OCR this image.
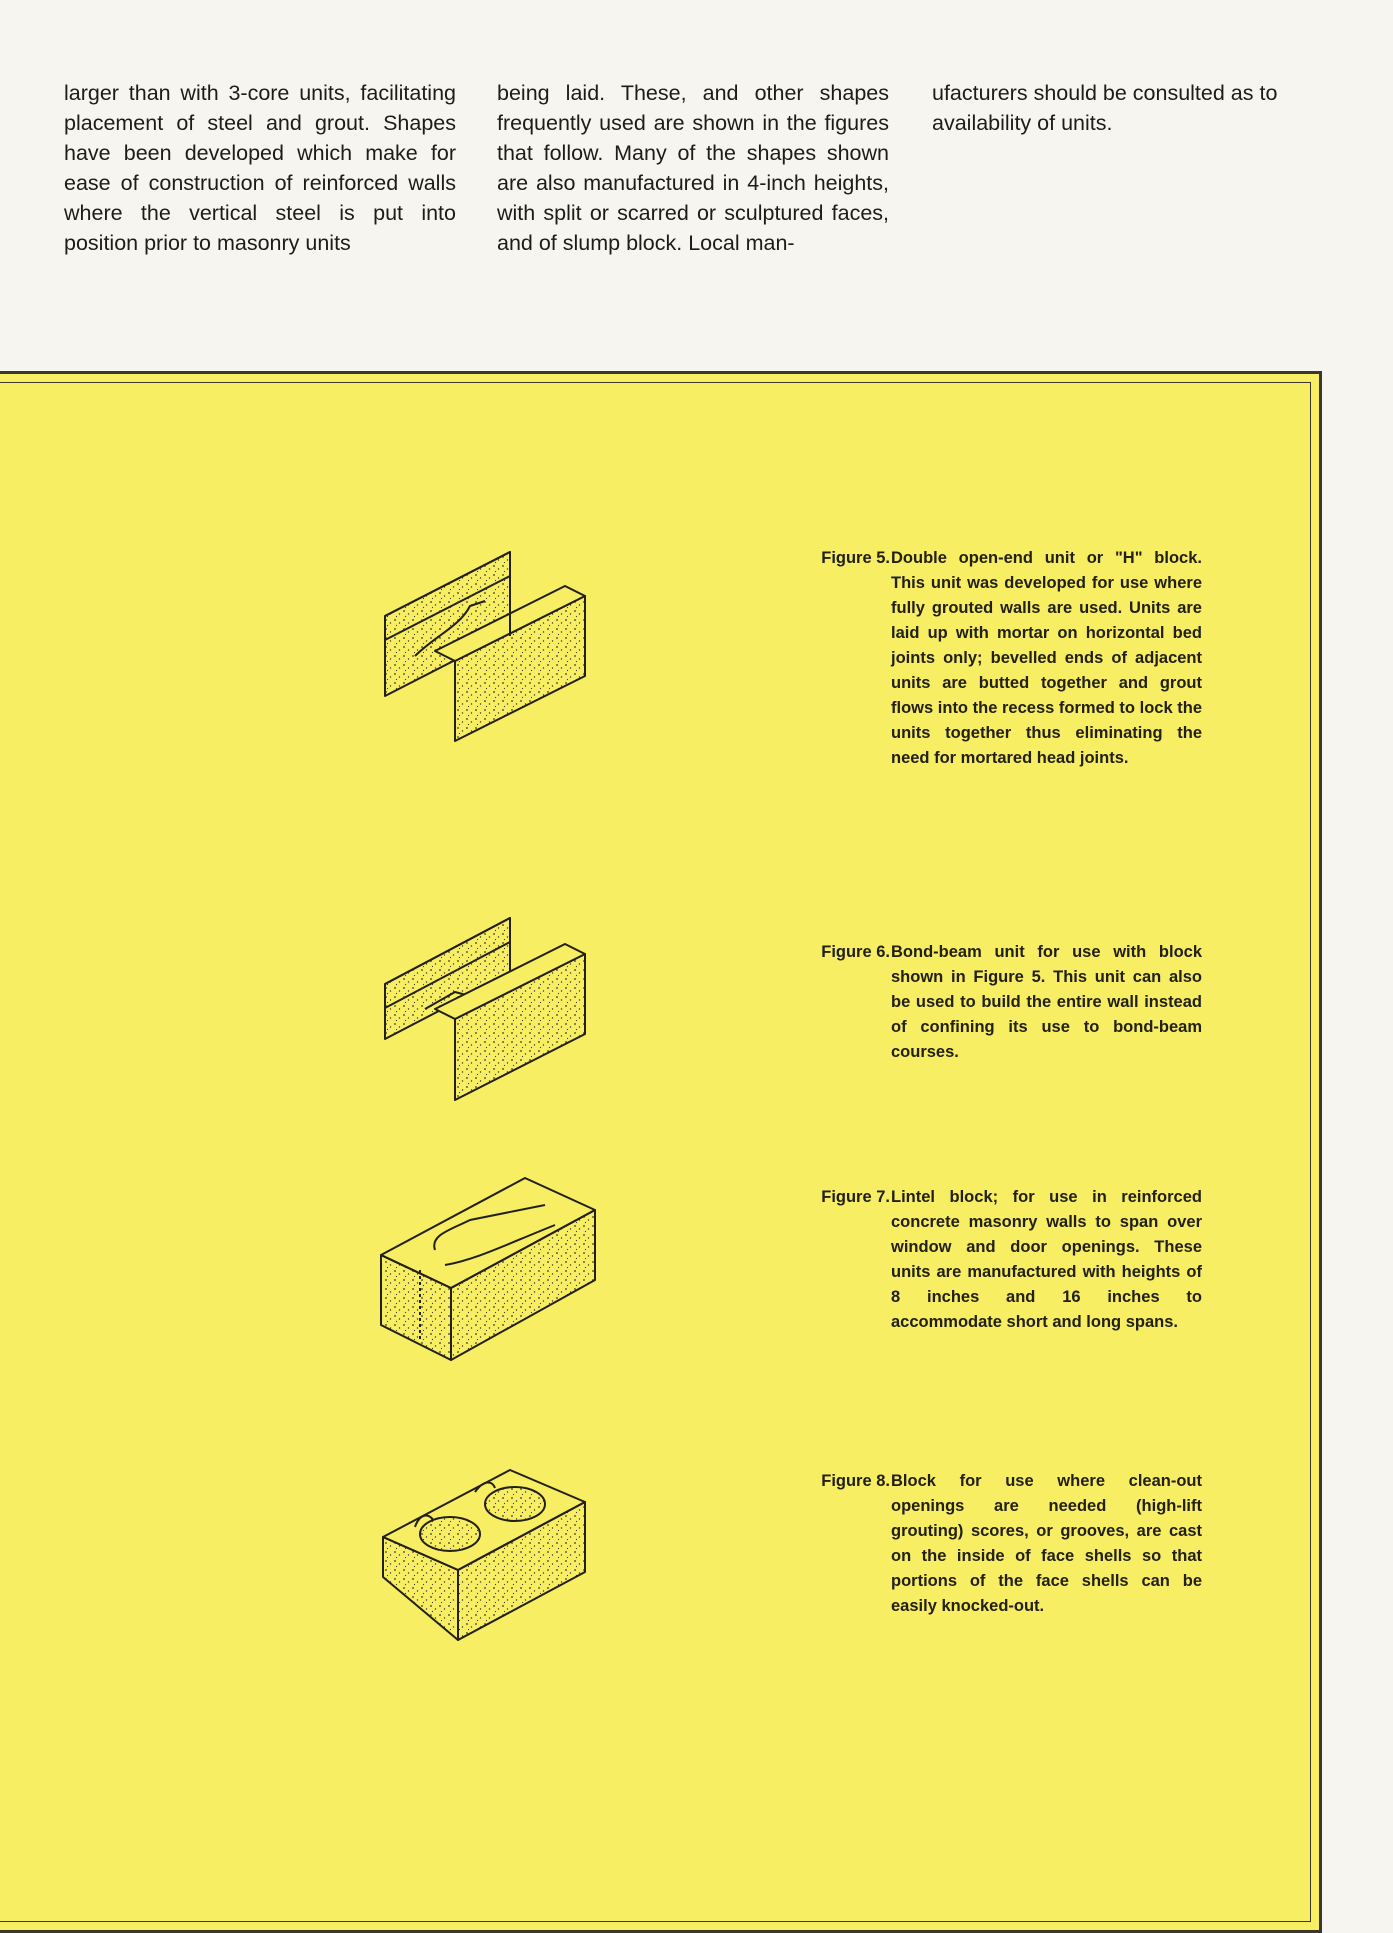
larger than with 3-core units, facilitating placement of steel and grout. Shapes have been developed which make for ease of construction of reinforced walls where the vertical steel is put into position prior to masonry units

being laid. These, and other shapes frequently used are shown in the figures that follow. Many of the shapes shown are also manufactured in 4-inch heights, with split or scarred or sculptured faces, and of slump block. Local man-

ufacturers should be consulted as to availability of units.

Figure 5. Double open-end unit or "H" block. This unit was developed for use where fully grouted walls are used. Units are laid up with mortar on horizontal bed joints only; bevelled ends of adjacent units are butted together and grout flows into the recess formed to lock the units together thus eliminating the need for mortared head joints.
Figure 6. Bond-beam unit for use with block shown in Figure 5. This unit can also be used to build the entire wall instead of confining its use to bond-beam courses.
Figure 7. Lintel block; for use in reinforced concrete masonry walls to span over window and door openings. These units are manufactured with heights of 8 inches and 16 inches to accommodate short and long spans.
Figure 8. Block for use where clean-out openings are needed (high-lift grouting) scores, or grooves, are cast on the inside of face shells so that portions of the face shells can be easily knocked-out.
